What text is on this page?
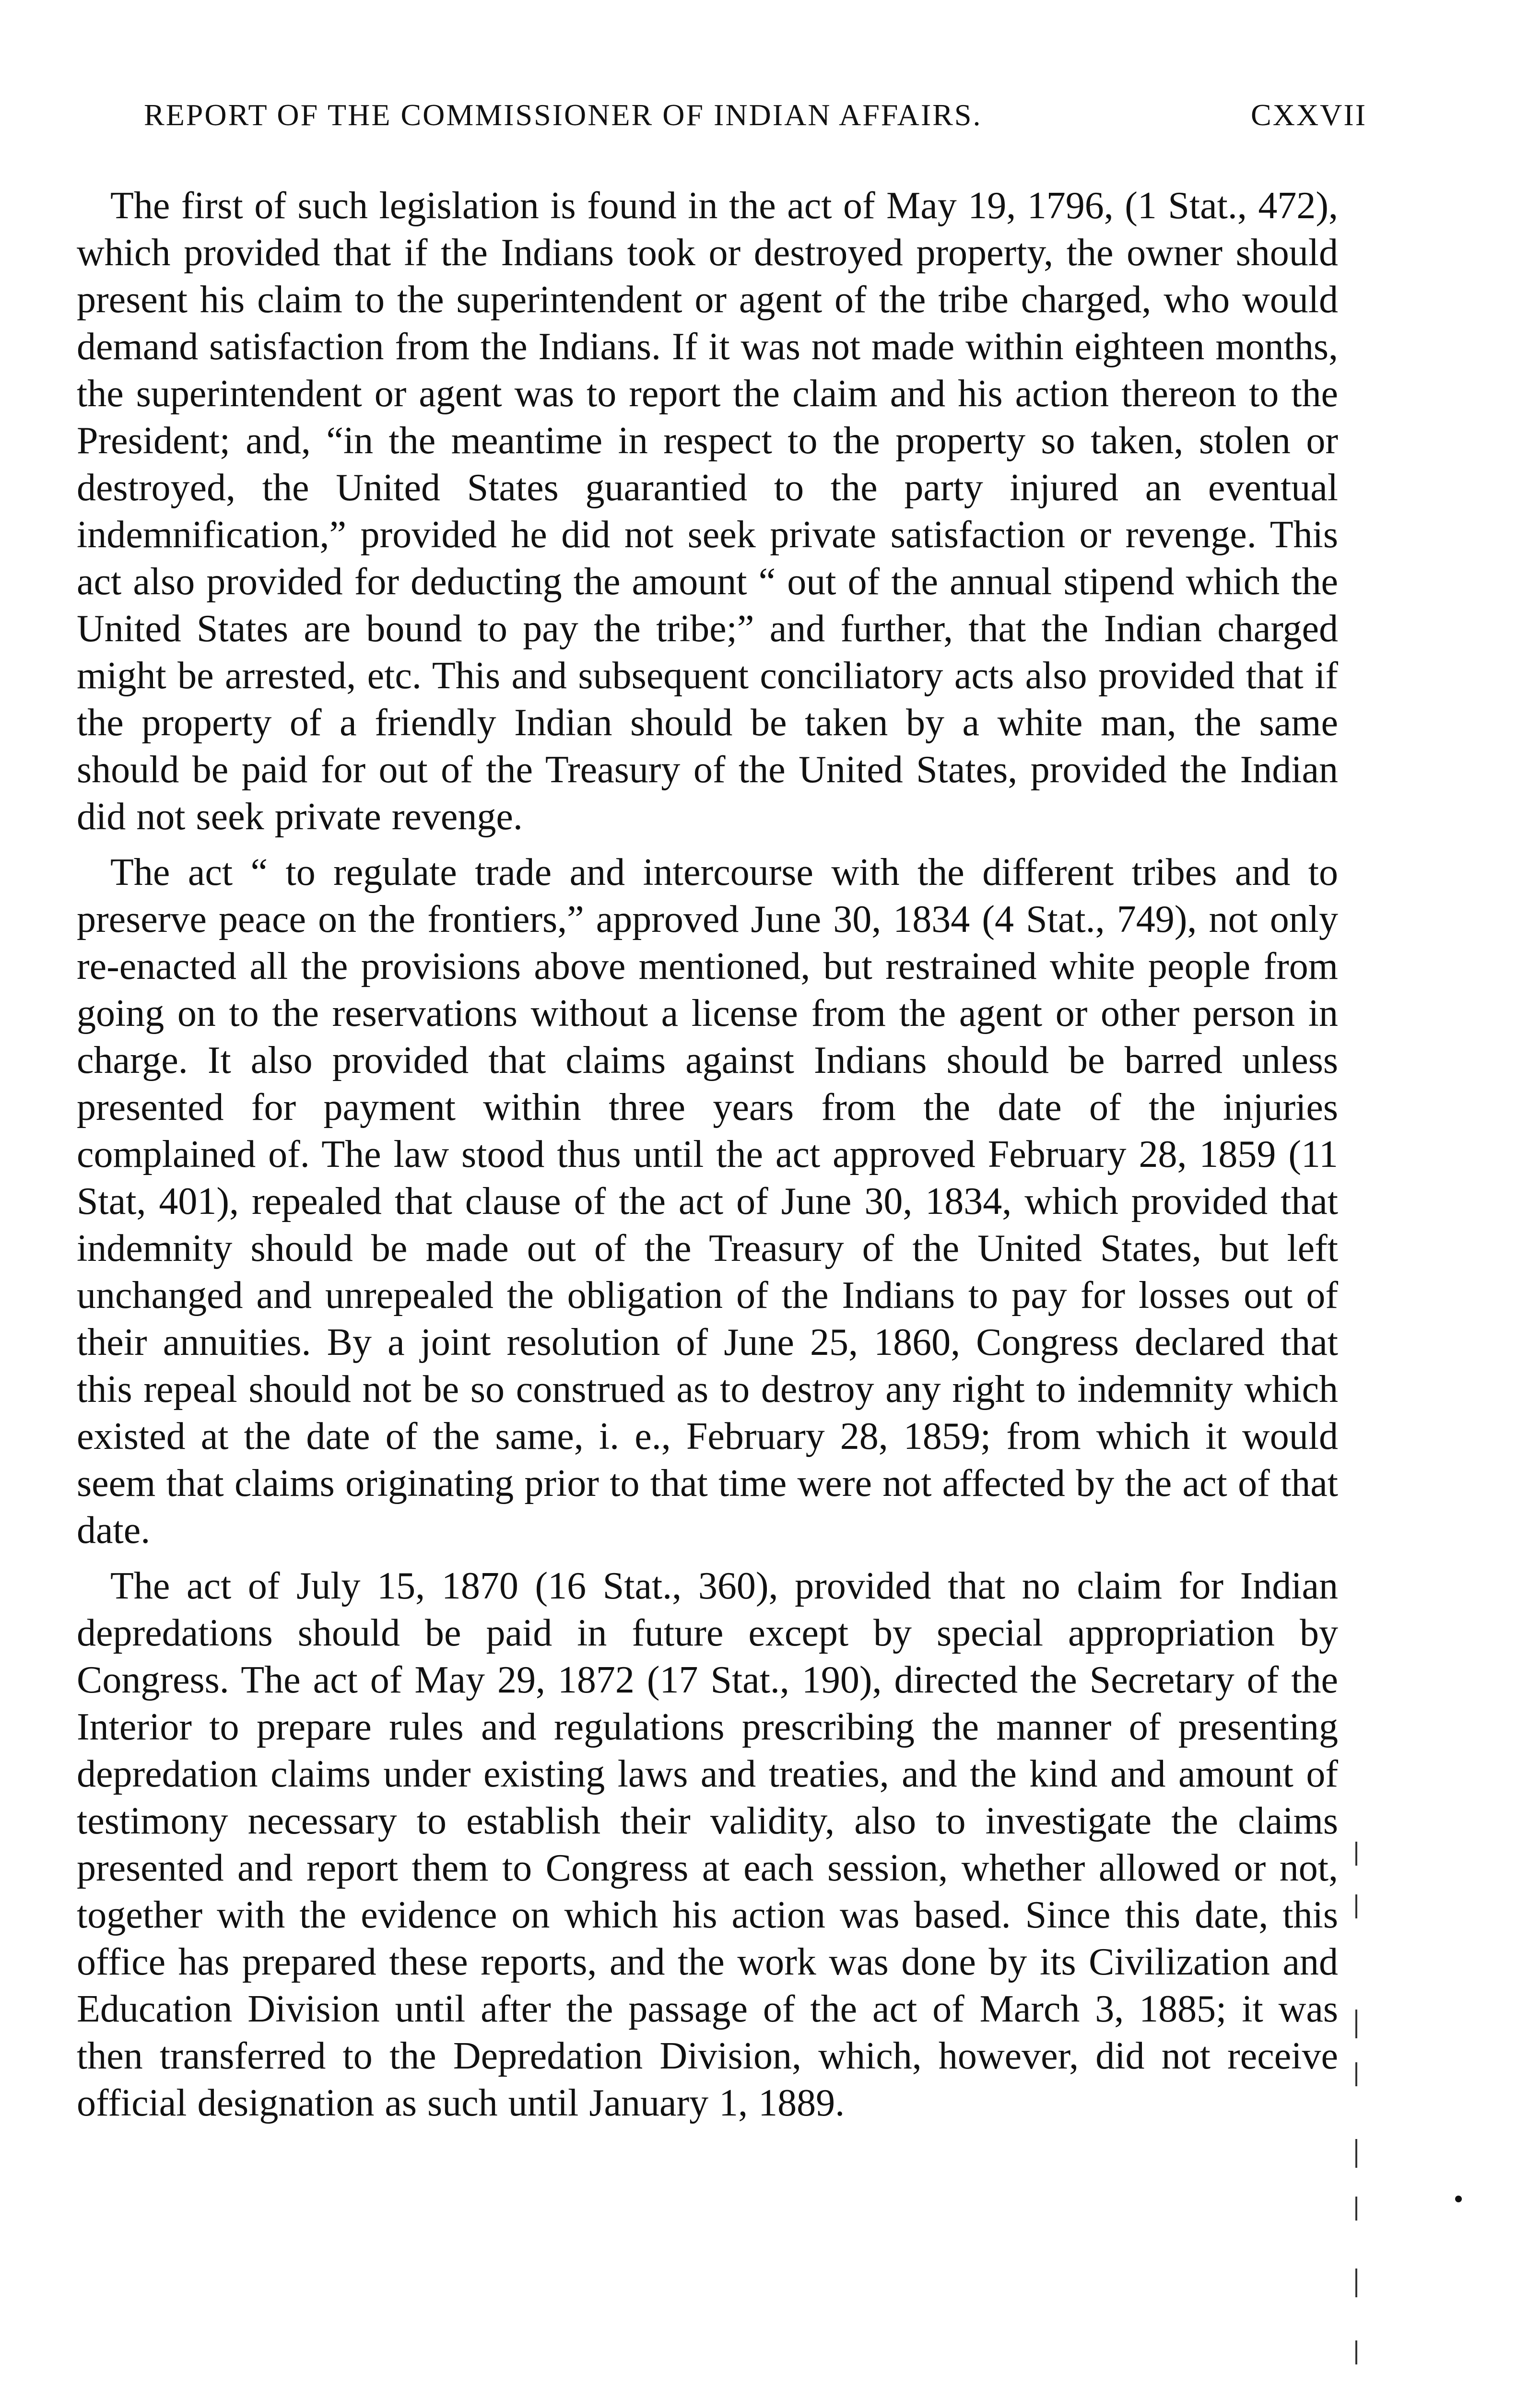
REPORT OF THE COMMISSIONER OF INDIAN AFFAIRS.	CXXVII

The first of such legislation is found in the act of May 19, 1796, (1 Stat., 472), which provided that if the Indians took or destroyed property, the owner should present his claim to the superintendent or agent of the tribe charged, who would demand satisfaction from the Indians. If it was not made within eighteen months, the superintendent or agent was to report the claim and his action thereon to the President; and, “in the meantime in respect to the property so taken, stolen or destroyed, the United States guarantied to the party injured an eventual indemnification,” provided he did not seek private satisfaction or revenge. This act also provided for deducting the amount “ out of the annual stipend which the United States are bound to pay the tribe;” and further, that the Indian charged might be arrested, etc. This and subsequent conciliatory acts also provided that if the property of a friendly Indian should be taken by a white man, the same should be paid for out of the Treasury of the United States, provided the Indian did not seek private revenge.

The act “ to regulate trade and intercourse with the different tribes and to preserve peace on the frontiers,” approved June 30, 1834 (4 Stat., 749), not only re-enacted all the provisions above mentioned, but restrained white people from going on to the reservations without a license from the agent or other person in charge. It also provided that claims against Indians should be barred unless presented for payment within three years from the date of the injuries complained of. The law stood thus until the act approved February 28, 1859 (11 Stat, 401), repealed that clause of the act of June 30, 1834, which provided that indemnity should be made out of the Treasury of the United States, but left unchanged and unrepealed the obligation of the Indians to pay for losses out of their annuities. By a joint resolution of June 25, 1860, Congress declared that this repeal should not be so construed as to destroy any right to indemnity which existed at the date of the same, i. e., February 28, 1859; from which it would seem that claims originating prior to that time were not affected by the act of that date.

The act of July 15, 1870 (16 Stat., 360), provided that no claim for Indian depredations should be paid in future except by special appropriation by Congress. The act of May 29, 1872 (17 Stat., 190), directed the Secretary of the Interior to prepare rules and regulations prescribing the manner of presenting depredation claims under existing laws and treaties, and the kind and amount of testimony necessary to establish their validity, also to investigate the claims presented and report them to Congress at each session, whether allowed or not, together with the evidence on which his action was based. Since this date, this office has prepared these reports, and the work was done by its Civilization and Education Division until after the passage of the act of March 3, 1885; it was then transferred to the Depredation Division, which, however, did not receive official designation as such until January 1, 1889.
